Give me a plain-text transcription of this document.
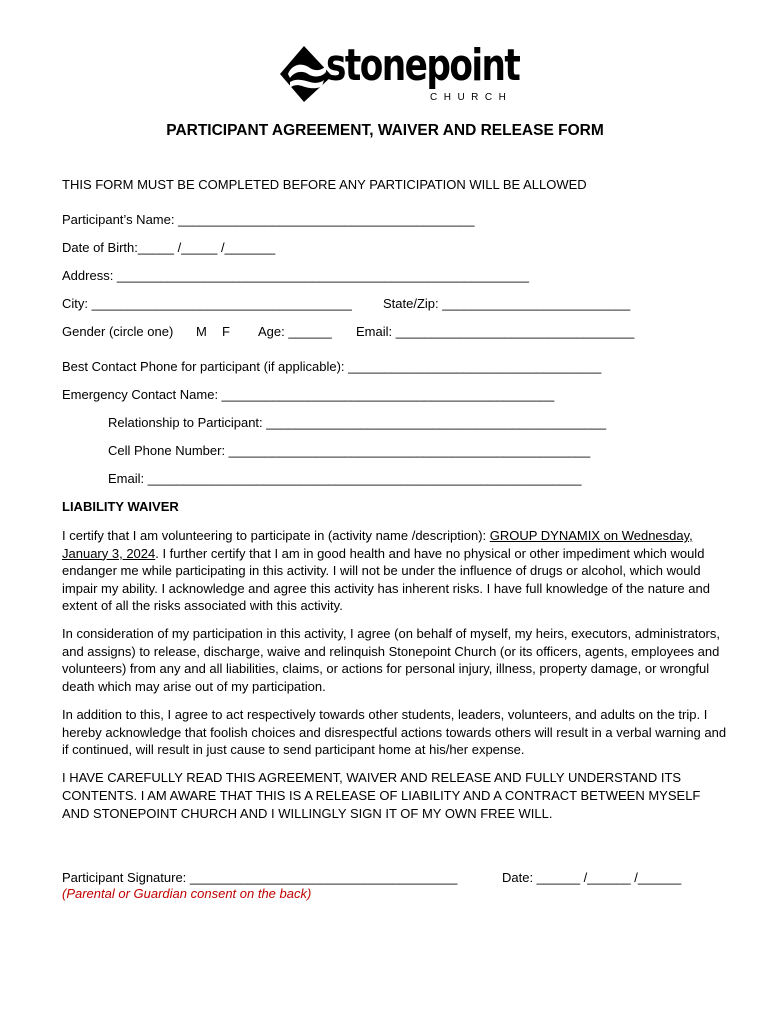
stonepoint
CHURCH
PARTICIPANT AGREEMENT, WAIVER AND RELEASE FORM
THIS FORM MUST BE COMPLETED BEFORE ANY PARTICIPATION WILL BE ALLOWED
Participant’s Name: _________________________________________
Date of Birth:_____ /_____ /_______
Address: _________________________________________________________
City: ____________________________________ State/Zip: __________________________
Gender (circle one) M F Age: ______ Email: _________________________________
Best Contact Phone for participant (if applicable): ___________________________________
Emergency Contact Name: ______________________________________________
Relationship to Participant: _______________________________________________
Cell Phone Number: __________________________________________________
Email: ____________________________________________________________
LIABILITY WAIVER
I certify that I am volunteering to participate in (activity name /description): GROUP DYNAMIX on Wednesday, January 3, 2024. I further certify that I am in good health and have no physical or other impediment which would endanger me while participating in this activity. I will not be under the influence of drugs or alcohol, which would impair my ability. I acknowledge and agree this activity has inherent risks. I have full knowledge of the nature and extent of all the risks associated with this activity.
In consideration of my participation in this activity, I agree (on behalf of myself, my heirs, executors, administrators, and assigns) to release, discharge, waive and relinquish Stonepoint Church (or its officers, agents, employees and volunteers) from any and all liabilities, claims, or actions for personal injury, illness, property damage, or wrongful death which may arise out of my participation.
In addition to this, I agree to act respectively towards other students, leaders, volunteers, and adults on the trip. I hereby acknowledge that foolish choices and disrespectful actions towards others will result in a verbal warning and if continued, will result in just cause to send participant home at his/her expense.
I HAVE CAREFULLY READ THIS AGREEMENT, WAIVER AND RELEASE AND FULLY UNDERSTAND ITS CONTENTS. I AM AWARE THAT THIS IS A RELEASE OF LIABILITY AND A CONTRACT BETWEEN MYSELF AND STONEPOINT CHURCH AND I WILLINGLY SIGN IT OF MY OWN FREE WILL.
Participant Signature: _____________________________________	Date: ______ /______ /______
(Parental or Guardian consent on the back)
